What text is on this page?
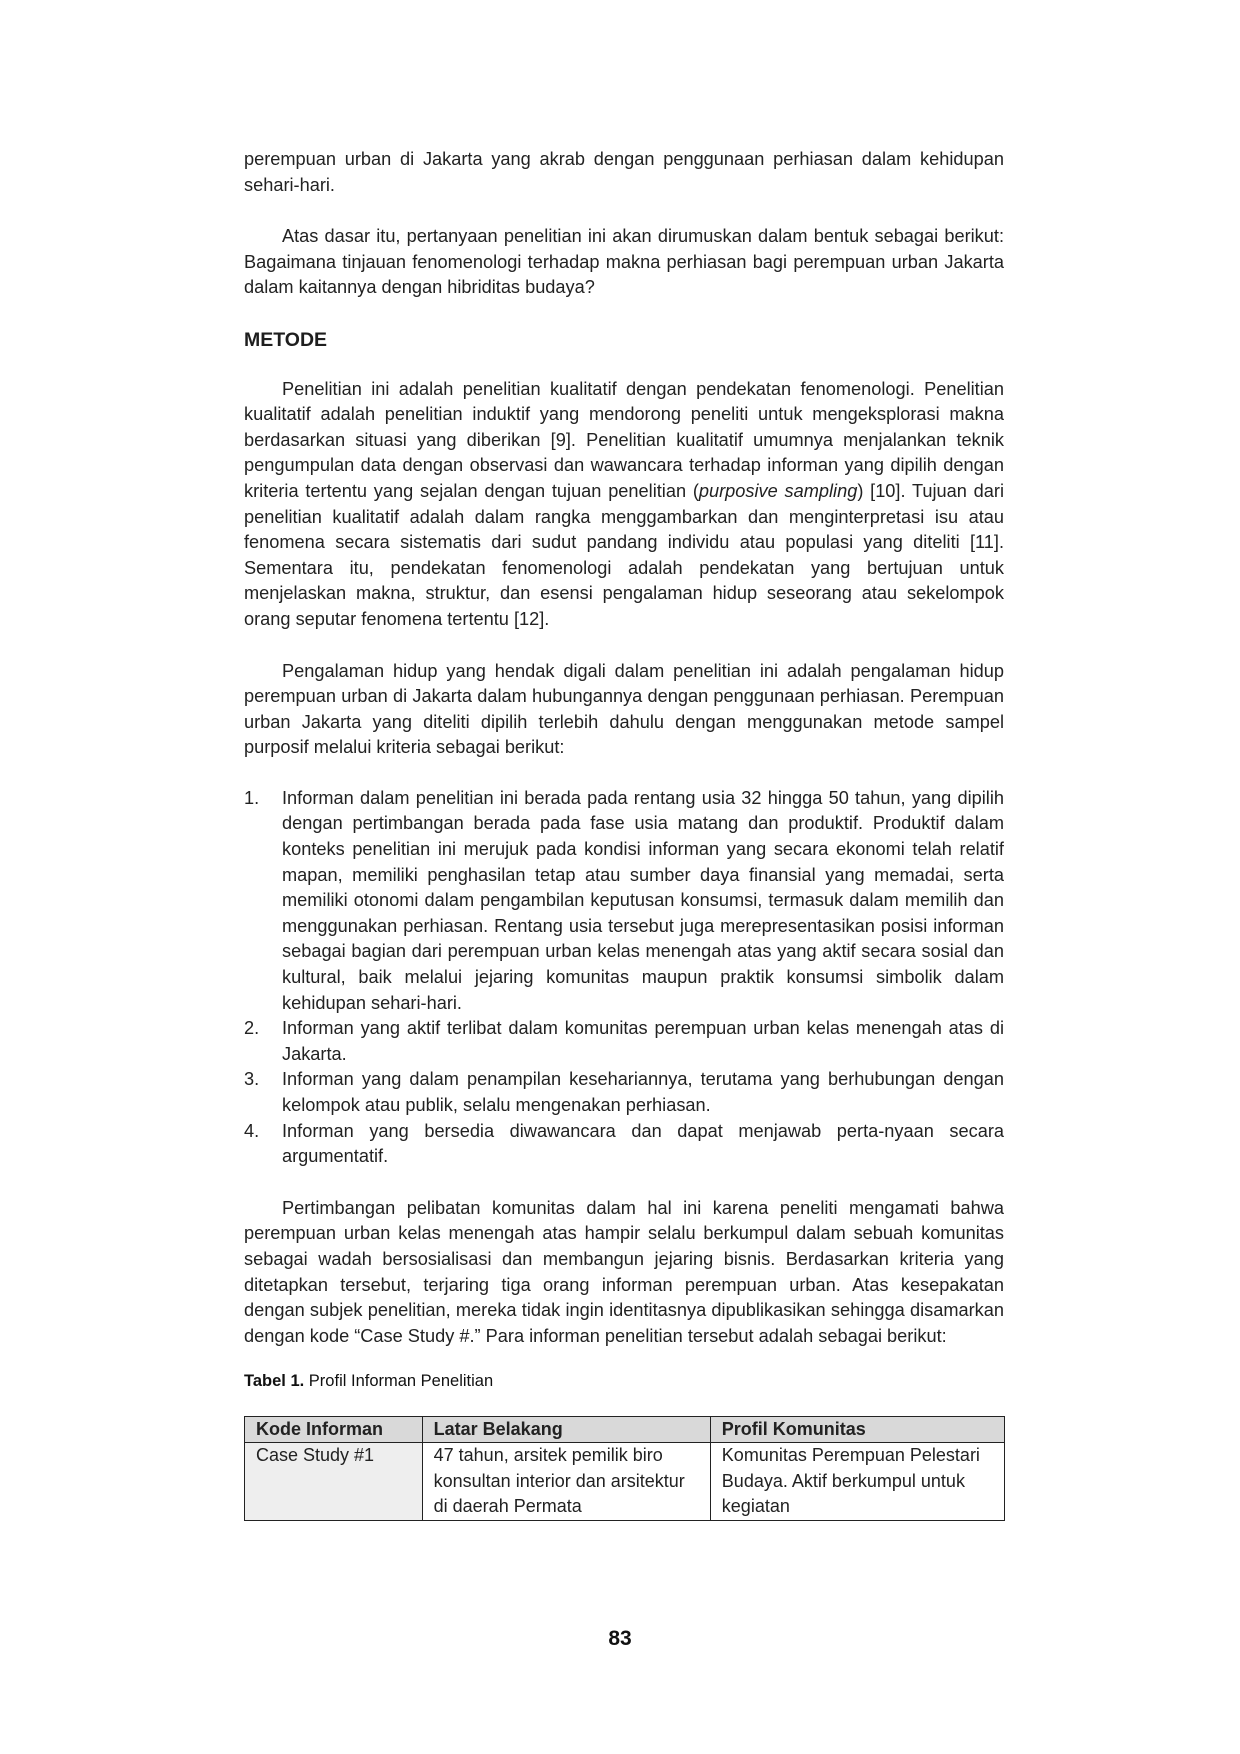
perempuan urban di Jakarta yang akrab dengan penggunaan perhiasan dalam kehidupan sehari-hari.

Atas dasar itu, pertanyaan penelitian ini akan dirumuskan dalam bentuk sebagai berikut: Bagaimana tinjauan fenomenologi terhadap makna perhiasan bagi perempuan urban Jakarta dalam kaitannya dengan hibriditas budaya?

METODE

Penelitian ini adalah penelitian kualitatif dengan pendekatan fenomenologi. Penelitian kualitatif adalah penelitian induktif yang mendorong peneliti untuk mengeksplorasi makna berdasarkan situasi yang diberikan [9]. Penelitian kualitatif umumnya menjalankan teknik pengumpulan data dengan observasi dan wawancara terhadap informan yang dipilih dengan kriteria tertentu yang sejalan dengan tujuan penelitian (purposive sampling) [10]. Tujuan dari penelitian kualitatif adalah dalam rangka menggambarkan dan menginterpretasi isu atau fenomena secara sistematis dari sudut pandang individu atau populasi yang diteliti [11]. Sementara itu, pendekatan fenomenologi adalah pendekatan yang bertujuan untuk menjelaskan makna, struktur, dan esensi pengalaman hidup seseorang atau sekelompok orang seputar fenomena tertentu [12].

Pengalaman hidup yang hendak digali dalam penelitian ini adalah pengalaman hidup perempuan urban di Jakarta dalam hubungannya dengan penggunaan perhiasan. Perempuan urban Jakarta yang diteliti dipilih terlebih dahulu dengan menggunakan metode sampel purposif melalui kriteria sebagai berikut:

1. Informan dalam penelitian ini berada pada rentang usia 32 hingga 50 tahun, yang dipilih dengan pertimbangan berada pada fase usia matang dan produktif. Produktif dalam konteks penelitian ini merujuk pada kondisi informan yang secara ekonomi telah relatif mapan, memiliki penghasilan tetap atau sumber daya finansial yang memadai, serta memiliki otonomi dalam pengambilan keputusan konsumsi, termasuk dalam memilih dan menggunakan perhiasan. Rentang usia tersebut juga merepresentasikan posisi informan sebagai bagian dari perempuan urban kelas menengah atas yang aktif secara sosial dan kultural, baik melalui jejaring komunitas maupun praktik konsumsi simbolik dalam kehidupan sehari-hari.
2. Informan yang aktif terlibat dalam komunitas perempuan urban kelas menengah atas di Jakarta.
3. Informan yang dalam penampilan kesehariannya, terutama yang berhubungan dengan kelompok atau publik, selalu mengenakan perhiasan.
4. Informan yang bersedia diwawancara dan dapat menjawab perta-nyaan secara argumentatif.

Pertimbangan pelibatan komunitas dalam hal ini karena peneliti mengamati bahwa perempuan urban kelas menengah atas hampir selalu berkumpul dalam sebuah komunitas sebagai wadah bersosialisasi dan membangun jejaring bisnis. Berdasarkan kriteria yang ditetapkan tersebut, terjaring tiga orang informan perempuan urban. Atas kesepakatan dengan subjek penelitian, mereka tidak ingin identitasnya dipublikasikan sehingga disamarkan dengan kode “Case Study #.” Para informan penelitian tersebut adalah sebagai berikut:

Tabel 1. Profil Informan Penelitian
Kode Informan	Latar Belakang	Profil Komunitas
Case Study #1	47 tahun, arsitek pemilik biro konsultan interior dan arsitektur di daerah Permata	Komunitas Perempuan Pelestari Budaya. Aktif berkumpul untuk kegiatan
83
